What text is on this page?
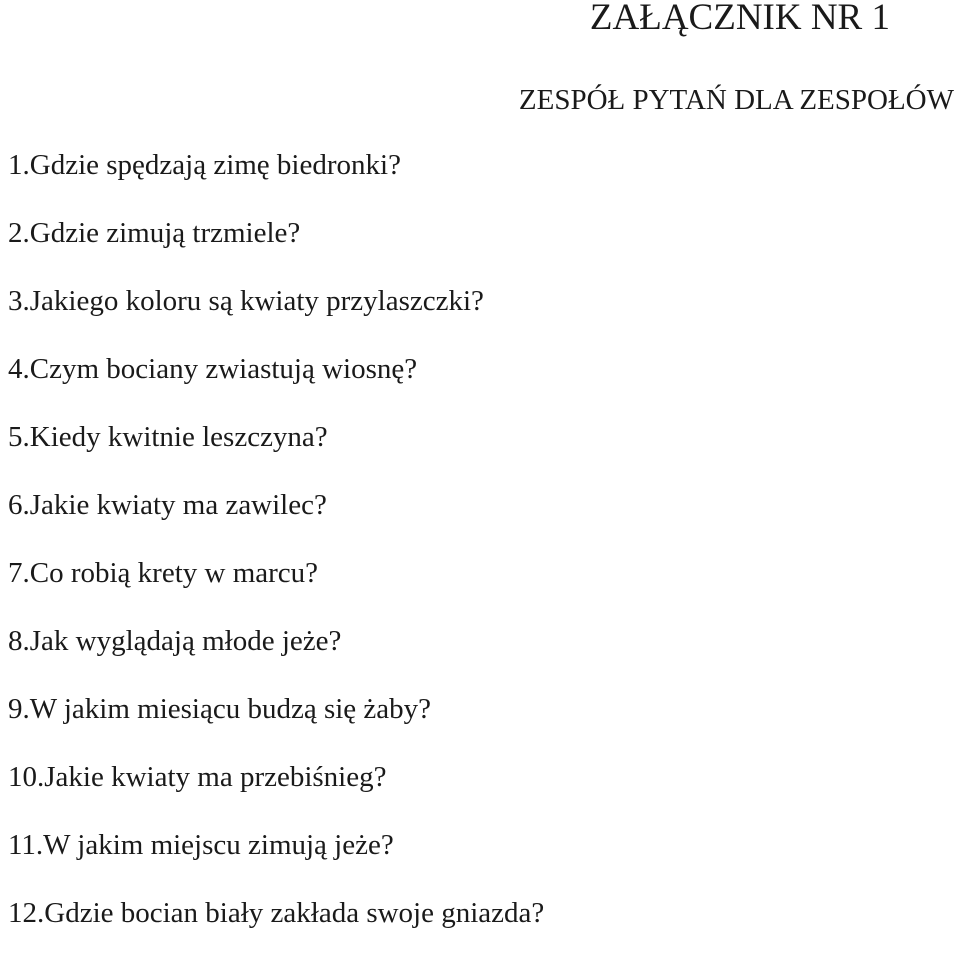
ZAŁĄCZNIK NR 1
ZESPÓŁ PYTAŃ DLA ZESPOŁÓW
1.Gdzie spędzają zimę biedronki?
2.Gdzie zimują trzmiele?
3.Jakiego koloru są kwiaty przylaszczki?
4.Czym bociany zwiastują wiosnę?
5.Kiedy kwitnie leszczyna?
6.Jakie kwiaty ma zawilec?
7.Co robią krety w marcu?
8.Jak wyglądają młode jeże?
9.W jakim miesiącu budzą się żaby?
10.Jakie kwiaty ma przebiśnieg?
11.W jakim miejscu zimują jeże?
12.Gdzie bocian biały zakłada swoje gniazda?
